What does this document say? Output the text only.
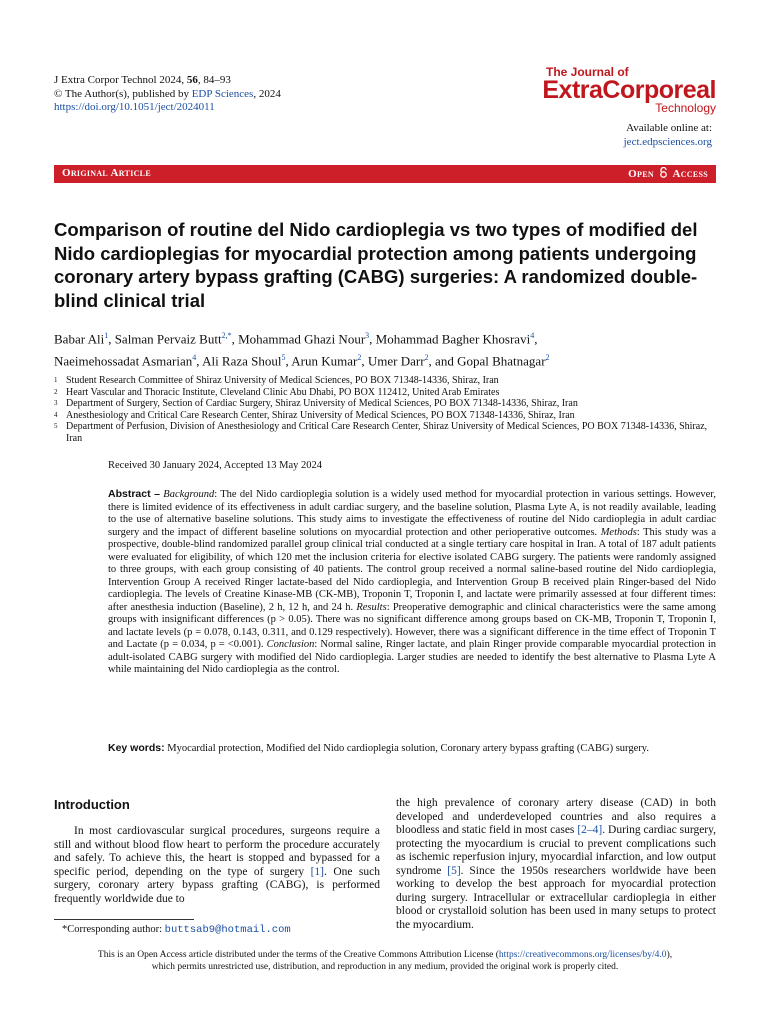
J Extra Corpor Technol 2024, 56, 84–93
© The Author(s), published by EDP Sciences, 2024
https://doi.org/10.1051/ject/2024011
The Journal of
ExtraCorporeal
Technology
Available online at:
ject.edpsciences.org
Original Article	Open Access
Comparison of routine del Nido cardioplegia vs two types of modified del Nido cardioplegias for myocardial protection among patients undergoing coronary artery bypass grafting (CABG) surgeries: A randomized double-blind clinical trial
Babar Ali$^1$, Salman Pervaiz Butt$^{2,*}$, Mohammad Ghazi Nour$^3$, Mohammad Bagher Khosravi$^4$,
Naeimehossadat Asmarian$^4$, Ali Raza Shoul$^5$, Arun Kumar$^2$, Umer Darr$^2$, and Gopal Bhatnagar$^2$
1 Student Research Committee of Shiraz University of Medical Sciences, PO BOX 71348-14336, Shiraz, Iran
2 Heart Vascular and Thoracic Institute, Cleveland Clinic Abu Dhabi, PO BOX 112412, United Arab Emirates
3 Department of Surgery, Section of Cardiac Surgery, Shiraz University of Medical Sciences, PO BOX 71348-14336, Shiraz, Iran
4 Anesthesiology and Critical Care Research Center, Shiraz University of Medical Sciences, PO BOX 71348-14336, Shiraz, Iran
5 Department of Perfusion, Division of Anesthesiology and Critical Care Research Center, Shiraz University of Medical Sciences, PO BOX 71348-14336, Shiraz, Iran
Received 30 January 2024, Accepted 13 May 2024
Abstract – Background: The del Nido cardioplegia solution is a widely used method for myocardial protection in various settings. However, there is limited evidence of its effectiveness in adult cardiac surgery, and the baseline solution, Plasma Lyte A, is not readily available, leading to the use of alternative baseline solutions. This study aims to investigate the effectiveness of routine del Nido cardioplegia in adult cardiac surgery and the impact of different baseline solutions on myocardial protection and other perioperative outcomes. Methods: This study was a prospective, double-blind randomized parallel group clinical trial conducted at a single tertiary care hospital in Iran. A total of 187 adult patients were evaluated for eligibility, of which 120 met the inclusion criteria for elective isolated CABG surgery. The patients were randomly assigned to three groups, with each group consisting of 40 patients. The control group received a normal saline-based routine del Nido cardioplegia, Intervention Group A received Ringer lactate-based del Nido cardioplegia, and Intervention Group B received plain Ringer-based del Nido cardioplegia. The levels of Creatine Kinase-MB (CK-MB), Troponin T, Troponin I, and lactate were primarily assessed at four different times: after anesthesia induction (Baseline), 2 h, 12 h, and 24 h. Results: Preoperative demographic and clinical characteristics were the same among groups with insignificant differences (p > 0.05). There was no significant difference among groups based on CK-MB, Troponin T, Troponin I, and lactate levels (p = 0.078, 0.143, 0.311, and 0.129 respectively). However, there was a significant difference in the time effect of Troponin T and Lactate (p = 0.034, p = <0.001). Conclusion: Normal saline, Ringer lactate, and plain Ringer provide comparable myocardial protection in adult-isolated CABG surgery with modified del Nido cardioplegia. Larger studies are needed to identify the best alternative to Plasma Lyte A while maintaining del Nido cardioplegia as the control.
Key words: Myocardial protection, Modified del Nido cardioplegia solution, Coronary artery bypass grafting (CABG) surgery.
Introduction
In most cardiovascular surgical procedures, surgeons require a still and without blood flow heart to perform the procedure accurately and safely. To achieve this, the heart is stopped and bypassed for a specific period, depending on the type of surgery [1]. One such surgery, coronary artery bypass grafting (CABG), is performed frequently worldwide due to
the high prevalence of coronary artery disease (CAD) in both developed and underdeveloped countries and also requires a bloodless and static field in most cases [2–4]. During cardiac surgery, protecting the myocardium is crucial to prevent complications such as ischemic reperfusion injury, myocardial infarction, and low output syndrome [5]. Since the 1950s researchers worldwide have been working to develop the best approach for myocardial protection during surgery. Intracellular or extracellular cardioplegia in either blood or crystalloid solution has been used in many setups to protect the myocardium.
*Corresponding author: buttsab9@hotmail.com
This is an Open Access article distributed under the terms of the Creative Commons Attribution License (https://creativecommons.org/licenses/by/4.0),
which permits unrestricted use, distribution, and reproduction in any medium, provided the original work is properly cited.
